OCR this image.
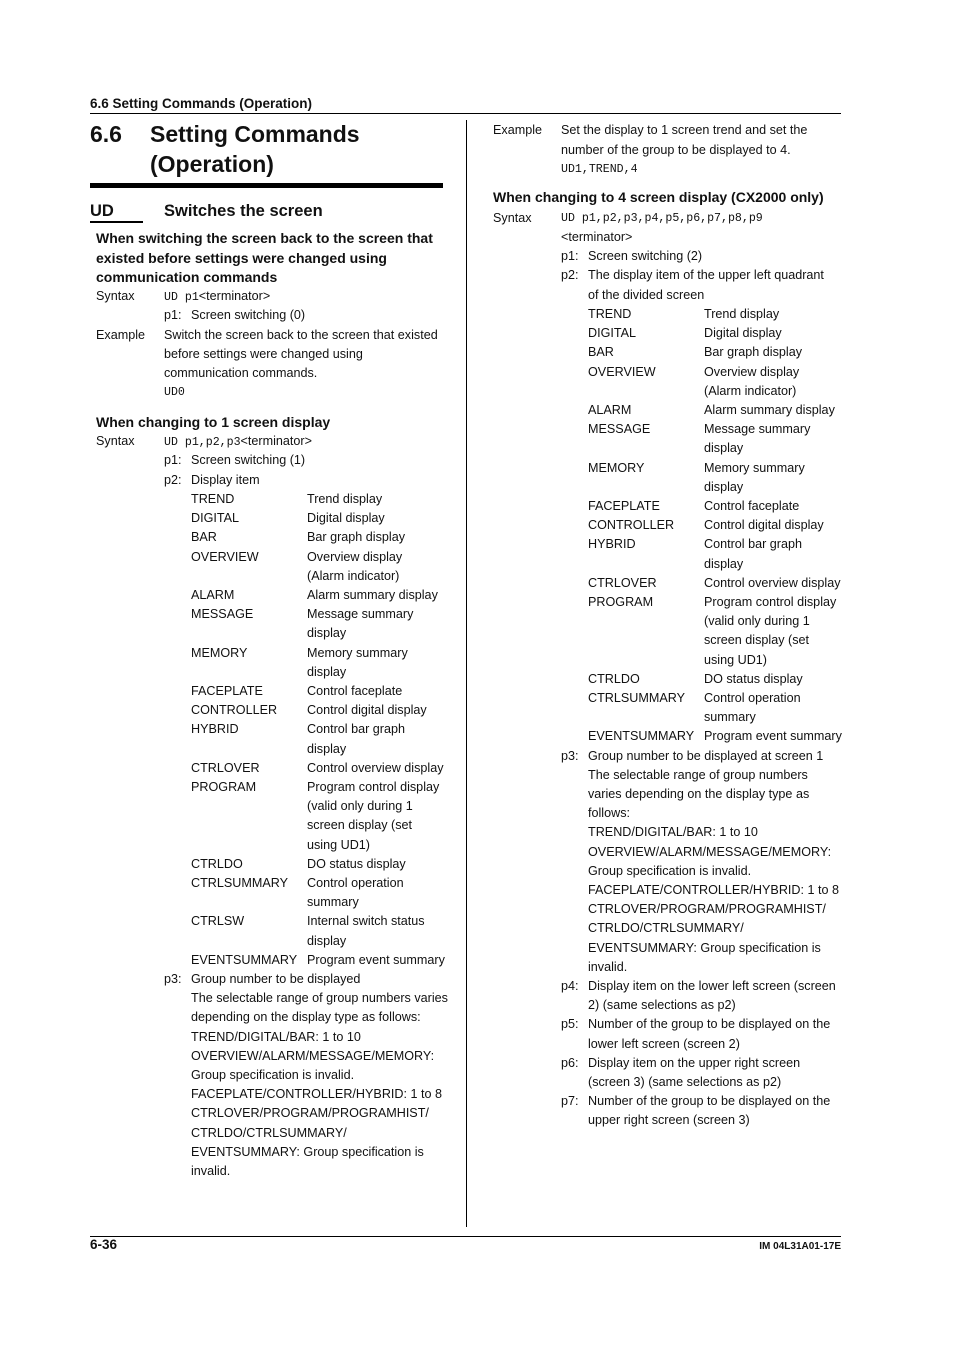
6.6 Setting Commands (Operation)
6.6 Setting Commands
(Operation)
UD	Switches the screen
When switching the screen back to the screen that existed before settings were changed using communication commands
Syntax	UD p1<terminator>
p1: Screen switching (0)
Example Switch the screen back to the screen that existed
before settings were changed using
communication commands.
UD0
When changing to 1 screen display
Syntax	UD p1,p2,p3<terminator>
p1: Screen switching (1)
p2: Display item
TREND	Trend display
DIGITAL	Digital display
BAR	Bar graph display
OVERVIEW	Overview display
(Alarm indicator)
ALARM	Alarm summary display
MESSAGE	Message summary
display
MEMORY	Memory summary
display
FACEPLATE	Control faceplate
CONTROLLER Control digital display
HYBRID	Control bar graph
display
CTRLOVER	Control overview display
PROGRAM	Program control display
(valid only during 1
screen display (set
using UD1)
CTRLDO	DO status display
CTRLSUMMARY Control operation
summary
CTRLSW	Internal switch status
display
EVENTSUMMARY Program event summary
p3: Group number to be displayed
The selectable range of group numbers varies
depending on the display type as follows:
TREND/DIGITAL/BAR: 1 to 10
OVERVIEW/ALARM/MESSAGE/MEMORY:
Group specification is invalid.
FACEPLATE/CONTROLLER/HYBRID: 1 to 8
CTRLOVER/PROGRAM/PROGRAMHIST/
CTRLDO/CTRLSUMMARY/
EVENTSUMMARY: Group specification is
invalid.
Example Set the display to 1 screen trend and set the
number of the group to be displayed to 4.
UD1,TREND,4
When changing to 4 screen display (CX2000 only)
Syntax	UD p1,p2,p3,p4,p5,p6,p7,p8,p9
<terminator>
p1: Screen switching (2)
p2: The display item of the upper left quadrant
of the divided screen
TREND	Trend display
DIGITAL	Digital display
BAR	Bar graph display
OVERVIEW	Overview display
(Alarm indicator)
ALARM	Alarm summary display
MESSAGE	Message summary
display
MEMORY	Memory summary
display
FACEPLATE	Control faceplate
CONTROLLER Control digital display
HYBRID	Control bar graph
display
CTRLOVER	Control overview display
PROGRAM	Program control display
(valid only during 1
screen display (set
using UD1)
CTRLDO	DO status display
CTRLSUMMARY Control operation
summary
EVENTSUMMARY Program event summary
p3: Group number to be displayed at screen 1
The selectable range of group numbers
varies depending on the display type as
follows:
TREND/DIGITAL/BAR: 1 to 10
OVERVIEW/ALARM/MESSAGE/MEMORY:
Group specification is invalid.
FACEPLATE/CONTROLLER/HYBRID: 1 to 8
CTRLOVER/PROGRAM/PROGRAMHIST/
CTRLDO/CTRLSUMMARY/
EVENTSUMMARY: Group specification is
invalid.
p4: Display item on the lower left screen (screen
2) (same selections as p2)
p5: Number of the group to be displayed on the
lower left screen (screen 2)
p6: Display item on the upper right screen
(screen 3) (same selections as p2)
p7: Number of the group to be displayed on the
upper right screen (screen 3)
6-36	IM 04L31A01-17E
